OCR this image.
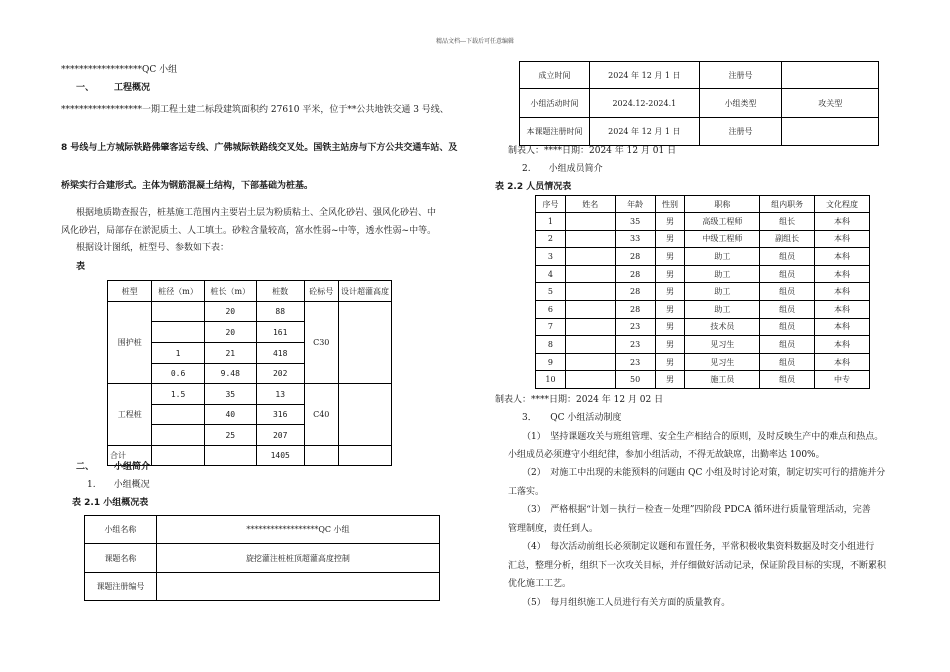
精品文档---下载后可任意编辑
******************QC 小组
一、 工程概况
******************一期工程土建二标段建筑面积约 27610 平米，位于**公共地铁交通 3 号线、
8 号线与上方城际铁路佛肇客运专线、广佛城际铁路线交叉处。国铁主站房与下方公共交通车站、及
桥梁实行合建形式。主体为钢筋混凝土结构，下部基础为桩基。
根据地质勘查报告，桩基施工范围内主要岩土层为粉质粘土、全风化砂岩、强风化砂岩、中
风化砂岩，局部存在淤泥质土、人工填土。砂粒含量较高，富水性弱~中等，透水性弱~中等。
根据设计图纸，桩型号、参数如下表：
表
桩型	桩径（m）	桩长（m）	桩数	砼标号	设计超灌高度
围护桩		20	88	C30	
		20	161		
	1	21	418		
	0.6	9.48	202		
工程桩	1.5	35	13	C40	
		40	316		
		25	207		
合计			1405		
二、 小组简介
1.　　小组概况
表 2.1 小组概况表
小组名称	******************QC 小组
课题名称	旋挖灌注桩桩顶超灌高度控制
课题注册编号	
成立时间	2024 年 12 月 1 日	注册号	
小组活动时间	2024.12-2024.1	小组类型	攻关型
本课题注册时间	2024 年 12 月 1 日	注册号	
制表人：****日期：2024 年 12 月 01 日
2.　　小组成员简介
表 2.2 人员情况表
序号	姓名	年龄	性别	职称	组内职务	文化程度
1		35	男	高级工程师	组长	本科
2		33	男	中级工程师	副组长	本科
3		28	男	助工	组员	本科
4		28	男	助工	组员	本科
5		28	男	助工	组员	本科
6		28	男	助工	组员	本科
7		23	男	技术员	组员	本科
8		23	男	见习生	组员	本科
9		23	男	见习生	组员	本科
10		50	男	施工员	组员	中专
制表人：****日期：2024 年 12 月 02 日
3．　　QC 小组活动制度
（1）　坚持课题攻关与班组管理、安全生产相结合的原则，及时反映生产中的难点和热点。
小组成员必须遵守小组纪律，参加小组活动，不得无故缺席，出勤率达 100%。
（2）　对施工中出现的未能预料的问题由 QC 小组及时讨论对策，制定切实可行的措施并分
工落实。
（3）　严格根据“计划－执行－检查－处理”四阶段 PDCA 循环进行质量管理活动，完善
管理制度，责任到人。
（4）　每次活动前组长必须制定议题和布置任务，平常积极收集资料数据及时交小组进行
汇总，整理分析，组织下一次攻关目标，并仔细做好活动记录，保证阶段目标的实现，不断累积
优化施工工艺。
（5）　每月组织施工人员进行有关方面的质量教育。
